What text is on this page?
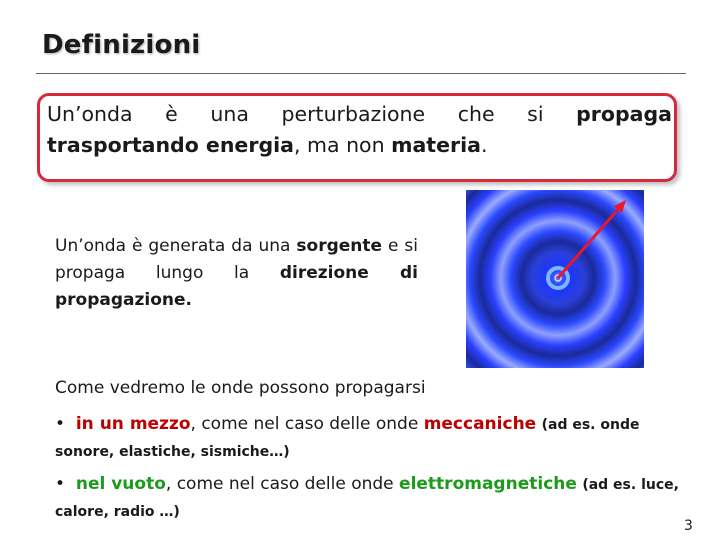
Definizioni
Un’onda è una perturbazione che si propaga trasportando energia, ma non materia.
Un’onda è generata da una sorgente e si propaga lungo la direzione di propagazione.
Come vedremo le onde possono propagarsi
• in un mezzo, come nel caso delle onde meccaniche (ad es. onde sonore, elastiche, sismiche…)
• nel vuoto, come nel caso delle onde elettromagnetiche (ad es. luce, calore, radio …)
3
